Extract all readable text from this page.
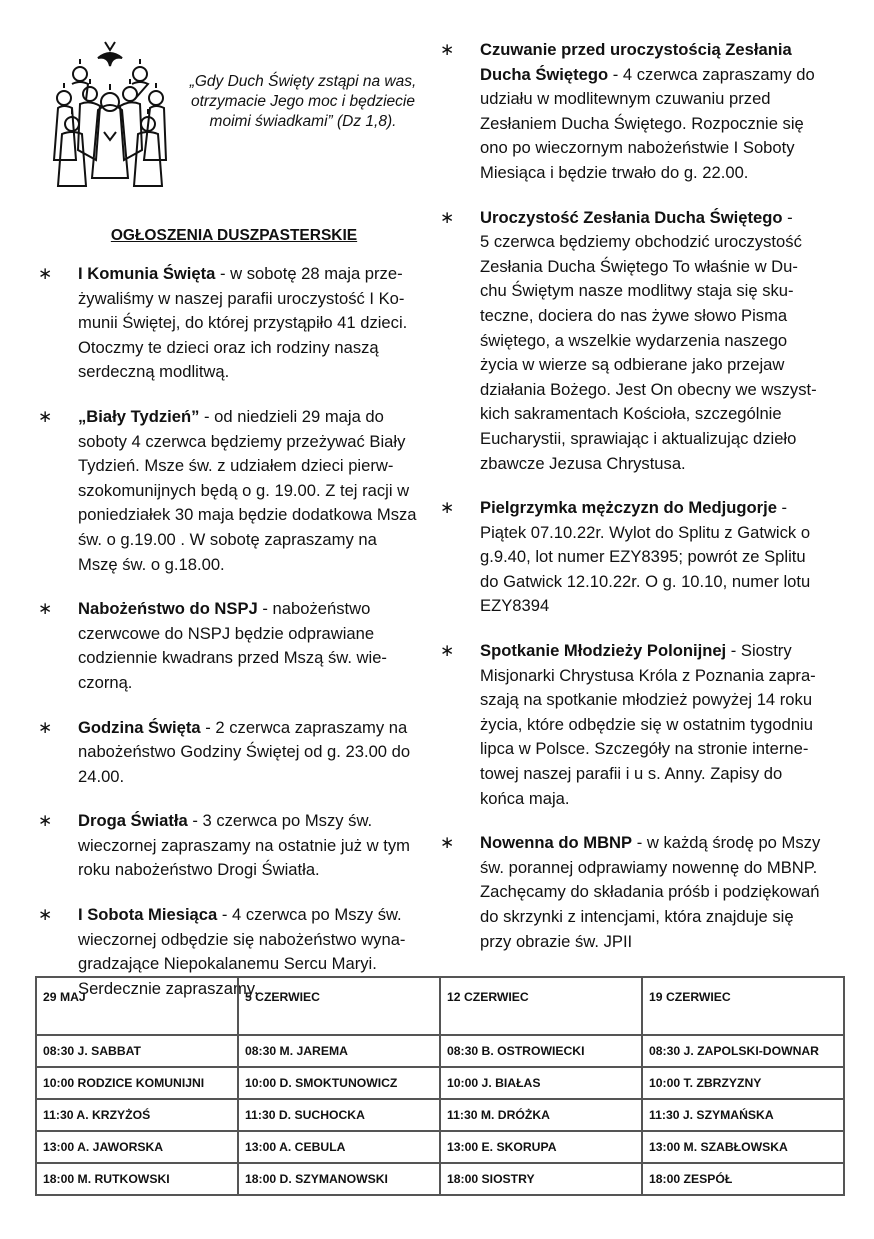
„Gdy Duch Święty zstąpi na was, otrzymacie Jego moc i będziecie moimi świadkami” (Dz 1,8).
OGŁOSZENIA DUSZPASTERSKIE
∗ I Komunia Święta - w sobotę 28 maja prze-
żywaliśmy w naszej parafii uroczystość I Ko-
munii Świętej, do której przystąpiło 41 dzieci.
Otoczmy te dzieci oraz ich rodziny naszą
serdeczną modlitwą.
∗ „Biały Tydzień” - od niedzieli 29 maja do
soboty 4 czerwca będziemy przeżywać Biały
Tydzień. Msze św. z udziałem dzieci pierw-
szokomunijnych będą o g. 19.00. Z tej racji w
poniedziałek 30 maja będzie dodatkowa Msza
św. o g.19.00 . W sobotę zapraszamy na
Mszę św. o g.18.00.
∗ Nabożeństwo do NSPJ - nabożeństwo
czerwcowe do NSPJ będzie odprawiane
codziennie kwadrans przed Mszą św. wie-
czorną.
∗ Godzina Święta - 2 czerwca zapraszamy na
nabożeństwo Godziny Świętej od g. 23.00 do
24.00.
∗ Droga Światła - 3 czerwca po Mszy św.
wieczornej zapraszamy na ostatnie już w tym
roku nabożeństwo Drogi Światła.
∗ I Sobota Miesiąca - 4 czerwca po Mszy św.
wieczornej odbędzie się nabożeństwo wyna-
gradzające Niepokalanemu Sercu Maryi.
Serdecznie zapraszamy.
∗ Czuwanie przed uroczystością Zesłania
Ducha Świętego - 4 czerwca zapraszamy do
udziału w modlitewnym czuwaniu przed
Zesłaniem Ducha Świętego. Rozpocznie się
ono po wieczornym nabożeństwie I Soboty
Miesiąca i będzie trwało do g. 22.00.
∗ Uroczystość Zesłania Ducha Świętego -
5 czerwca będziemy obchodzić uroczystość
Zesłania Ducha Świętego To właśnie w Du-
chu Świętym nasze modlitwy staja się sku-
teczne, dociera do nas żywe słowo Pisma
świętego, a wszelkie wydarzenia naszego
życia w wierze są odbierane jako przejaw
działania Bożego. Jest On obecny we wszyst-
kich sakramentach Kościoła, szczególnie
Eucharystii, sprawiając i aktualizując dzieło
zbawcze Jezusa Chrystusa.
∗ Pielgrzymka mężczyzn do Medjugorje -
Piątek 07.10.22r. Wylot do Splitu z Gatwick o
g.9.40, lot numer EZY8395; powrót ze Splitu
do Gatwick 12.10.22r. O g. 10.10, numer lotu
EZY8394
∗ Spotkanie Młodzieży Polonijnej - Siostry
Misjonarki Chrystusa Króla z Poznania zapra-
szają na spotkanie młodzież powyżej 14 roku
życia, które odbędzie się w ostatnim tygodniu
lipca w Polsce. Szczegóły na stronie interne-
towej naszej parafii i u s. Anny. Zapisy do
końca maja.
∗ Nowenna do MBNP - w każdą środę po Mszy
św. porannej odprawiamy nowennę do MBNP.
Zachęcamy do składania próśb i podziękowań
do skrzynki z intencjami, która znajduje się
przy obrazie św. JPII
29 MAJ	5 CZERWIEC	12 CZERWIEC	19 CZERWIEC
08:30 J. SABBAT	08:30 M. JAREMA	08:30 B. OSTROWIECKI	08:30 J. ZAPOLSKI-DOWNAR
10:00 RODZICE KOMUNIJNI	10:00 D. SMOKTUNOWICZ	10:00 J. BIAŁAS	10:00 T. ZBRZYZNY
11:30 A. KRZYŻOŚ	11:30 D. SUCHOCKA	11:30 M. DRÓŻKA	11:30 J. SZYMAŃSKA
13:00 A. JAWORSKA	13:00 A. CEBULA	13:00 E. SKORUPA	13:00 M. SZABŁOWSKA
18:00 M. RUTKOWSKI	18:00 D. SZYMANOWSKI	18:00 SIOSTRY	18:00 ZESPÓŁ
